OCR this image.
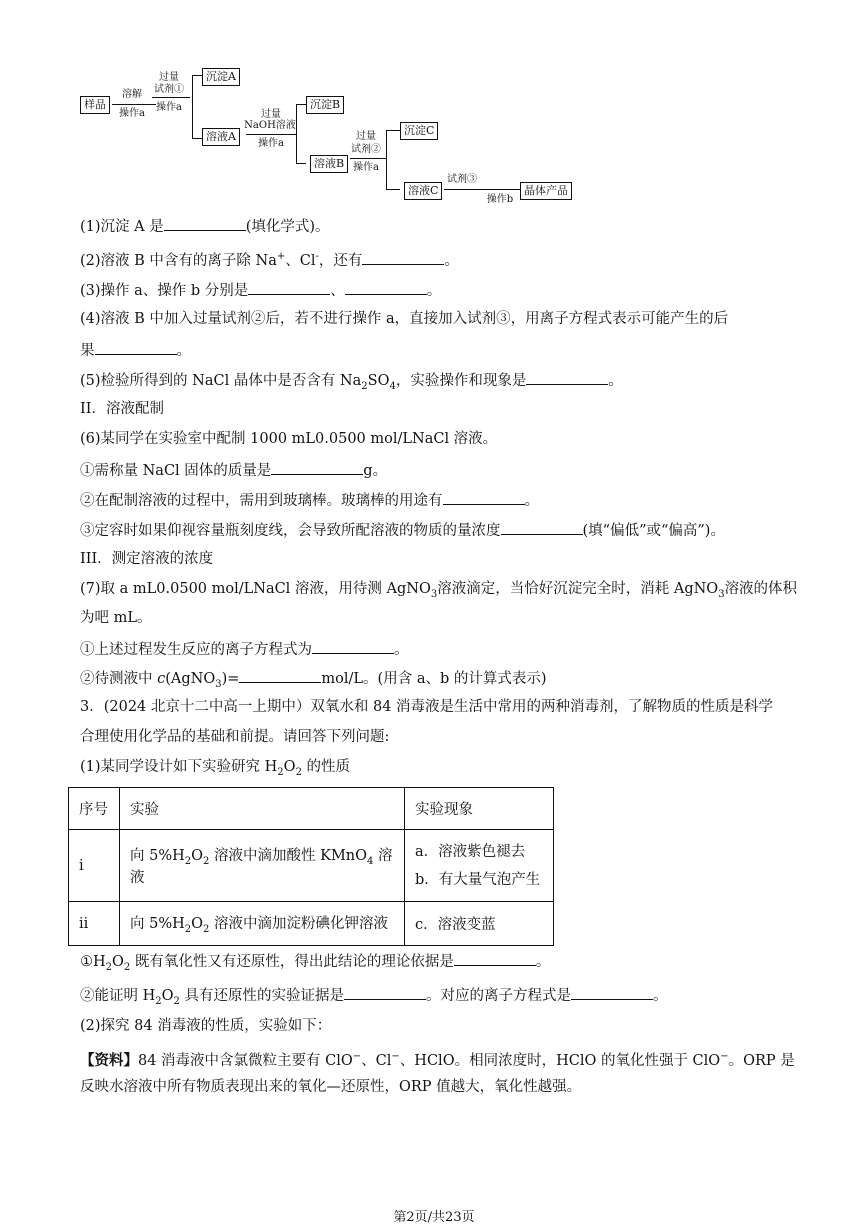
样品
溶解
操作a
过量
试剂①
操作a
沉淀A
溶液A
过量
NaOH溶液
操作a
沉淀B
溶液B
过量
试剂②
操作a
沉淀C
溶液C
试剂③
操作b
晶体产品
(1)沉淀 A 是	(填化学式)。
(2)溶液 B 中含有的离子除 Na+、Cl-，还有	。
(3)操作 a、操作 b 分别是	、	。
(4)溶液 B 中加入过量试剂②后，若不进行操作 a，直接加入试剂③，用离子方程式表示可能产生的后
果	。
(5)检验所得到的 NaCl 晶体中是否含有 $Na_2SO_4$，实验操作和现象是	。
II．溶液配制
(6)某同学在实验室中配制 1000 mL0.0500 mol/LNaCl 溶液。
①需称量 NaCl 固体的质量是	g。
②在配制溶液的过程中，需用到玻璃棒。玻璃棒的用途有	。
③定容时如果仰视容量瓶刻度线，会导致所配溶液的物质的量浓度	(填“偏低”或“偏高”)。
III．测定溶液的浓度
(7)取 a mL0.0500 mol/LNaCl 溶液，用待测 AgNO$_3$溶液滴定，当恰好沉淀完全时，消耗 AgNO$_3$溶液的体积
为吧 mL。
①上述过程发生反应的离子方程式为	。
②待测液中 c(AgNO$_3$)=	mol/L。(用含 a、b 的计算式表示)
3．(2024 北京十二中高一上期中）双氧水和 84 消毒液是生活中常用的两种消毒剂，了解物质的性质是科学
合理使用化学品的基础和前提。请回答下列问题:
(1)某同学设计如下实验研究 $H_2O_2$ 的性质
序号	实验	实验现象
i	向 $5\%H_2O_2$ 溶液中滴加酸性 KMnO$_4$ 溶液	a．溶液紫色褪去
b．有大量气泡产生

ii	向 $5\%H_2O_2$ 溶液中滴加淀粉碘化钾溶液	c．溶液变蓝
$①H_2O_2$ 既有氧化性又有还原性，得出此结论的理论依据是	。
②能证明 $H_2O_2$ 具有还原性的实验证据是	。对应的离子方程式是	。
(2)探究 84 消毒液的性质，实验如下：
【资料】84 消毒液中含氯微粒主要有 ClO−、Cl−、HClO。相同浓度时，HClO 的氧化性强于 ClO−。ORP 是
反映水溶液中所有物质表现出来的氧化—还原性，ORP 值越大，氧化性越强。
第2页/共23页
